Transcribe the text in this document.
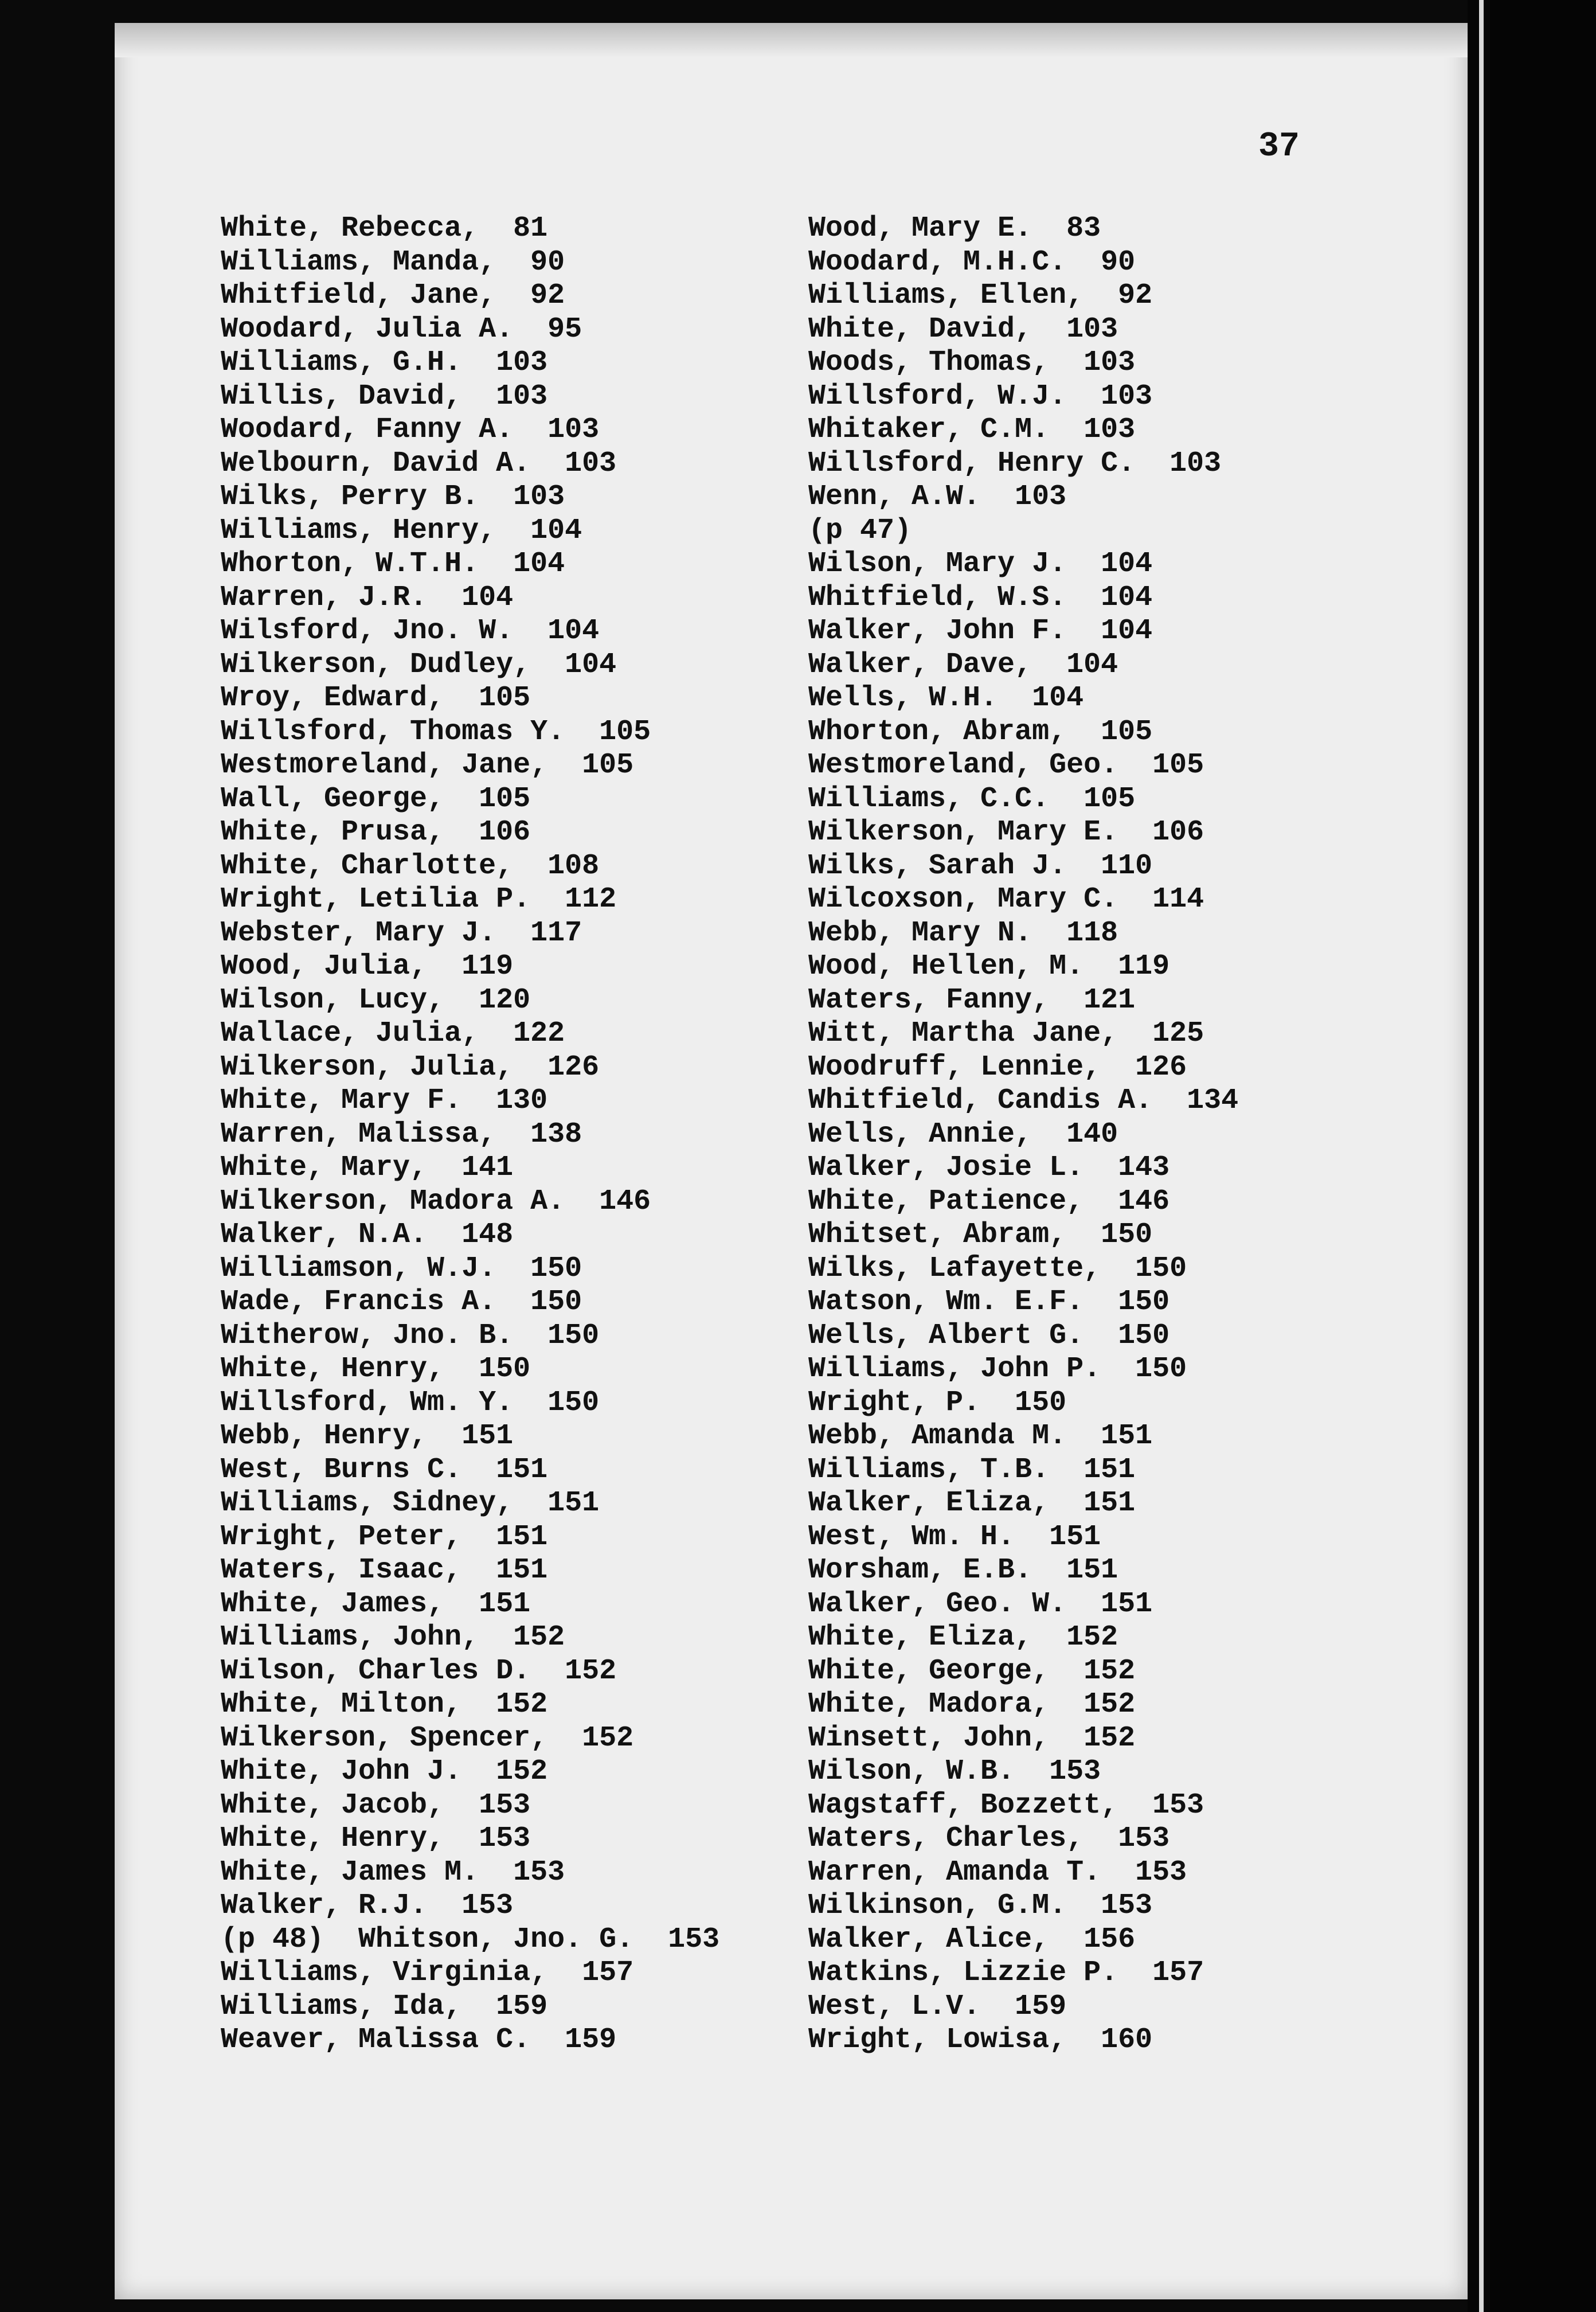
37
White, Rebecca,  81
Williams, Manda,  90
Whitfield, Jane,  92
Woodard, Julia A.  95
Williams, G.H.  103
Willis, David,  103
Woodard, Fanny A.  103
Welbourn, David A.  103
Wilks, Perry B.  103
Williams, Henry,  104
Whorton, W.T.H.  104
Warren, J.R.  104
Wilsford, Jno. W.  104
Wilkerson, Dudley,  104
Wroy, Edward,  105
Willsford, Thomas Y.  105
Westmoreland, Jane,  105
Wall, George,  105
White, Prusa,  106
White, Charlotte,  108
Wright, Letilia P.  112
Webster, Mary J.  117
Wood, Julia,  119
Wilson, Lucy,  120
Wallace, Julia,  122
Wilkerson, Julia,  126
White, Mary F.  130
Warren, Malissa,  138
White, Mary,  141
Wilkerson, Madora A.  146
Walker, N.A.  148
Williamson, W.J.  150
Wade, Francis A.  150
Witherow, Jno. B.  150
White, Henry,  150
Willsford, Wm. Y.  150
Webb, Henry,  151
West, Burns C.  151
Williams, Sidney,  151
Wright, Peter,  151
Waters, Isaac,  151
White, James,  151
Williams, John,  152
Wilson, Charles D.  152
White, Milton,  152
Wilkerson, Spencer,  152
White, John J.  152
White, Jacob,  153
White, Henry,  153
White, James M.  153
Walker, R.J.  153
(p 48)  Whitson, Jno. G.  153
Williams, Virginia,  157
Williams, Ida,  159
Weaver, Malissa C.  159
Wood, Mary E.  83
Woodard, M.H.C.  90
Williams, Ellen,  92
White, David,  103
Woods, Thomas,  103
Willsford, W.J.  103
Whitaker, C.M.  103
Willsford, Henry C.  103
Wenn, A.W.  103
(p 47)
Wilson, Mary J.  104
Whitfield, W.S.  104
Walker, John F.  104
Walker, Dave,  104
Wells, W.H.  104
Whorton, Abram,  105
Westmoreland, Geo.  105
Williams, C.C.  105
Wilkerson, Mary E.  106
Wilks, Sarah J.  110
Wilcoxson, Mary C.  114
Webb, Mary N.  118
Wood, Hellen, M.  119
Waters, Fanny,  121
Witt, Martha Jane,  125
Woodruff, Lennie,  126
Whitfield, Candis A.  134
Wells, Annie,  140
Walker, Josie L.  143
White, Patience,  146
Whitset, Abram,  150
Wilks, Lafayette,  150
Watson, Wm. E.F.  150
Wells, Albert G.  150
Williams, John P.  150
Wright, P.  150
Webb, Amanda M.  151
Williams, T.B.  151
Walker, Eliza,  151
West, Wm. H.  151
Worsham, E.B.  151
Walker, Geo. W.  151
White, Eliza,  152
White, George,  152
White, Madora,  152
Winsett, John,  152
Wilson, W.B.  153
Wagstaff, Bozzett,  153
Waters, Charles,  153
Warren, Amanda T.  153
Wilkinson, G.M.  153
Walker, Alice,  156
Watkins, Lizzie P.  157
West, L.V.  159
Wright, Lowisa,  160
